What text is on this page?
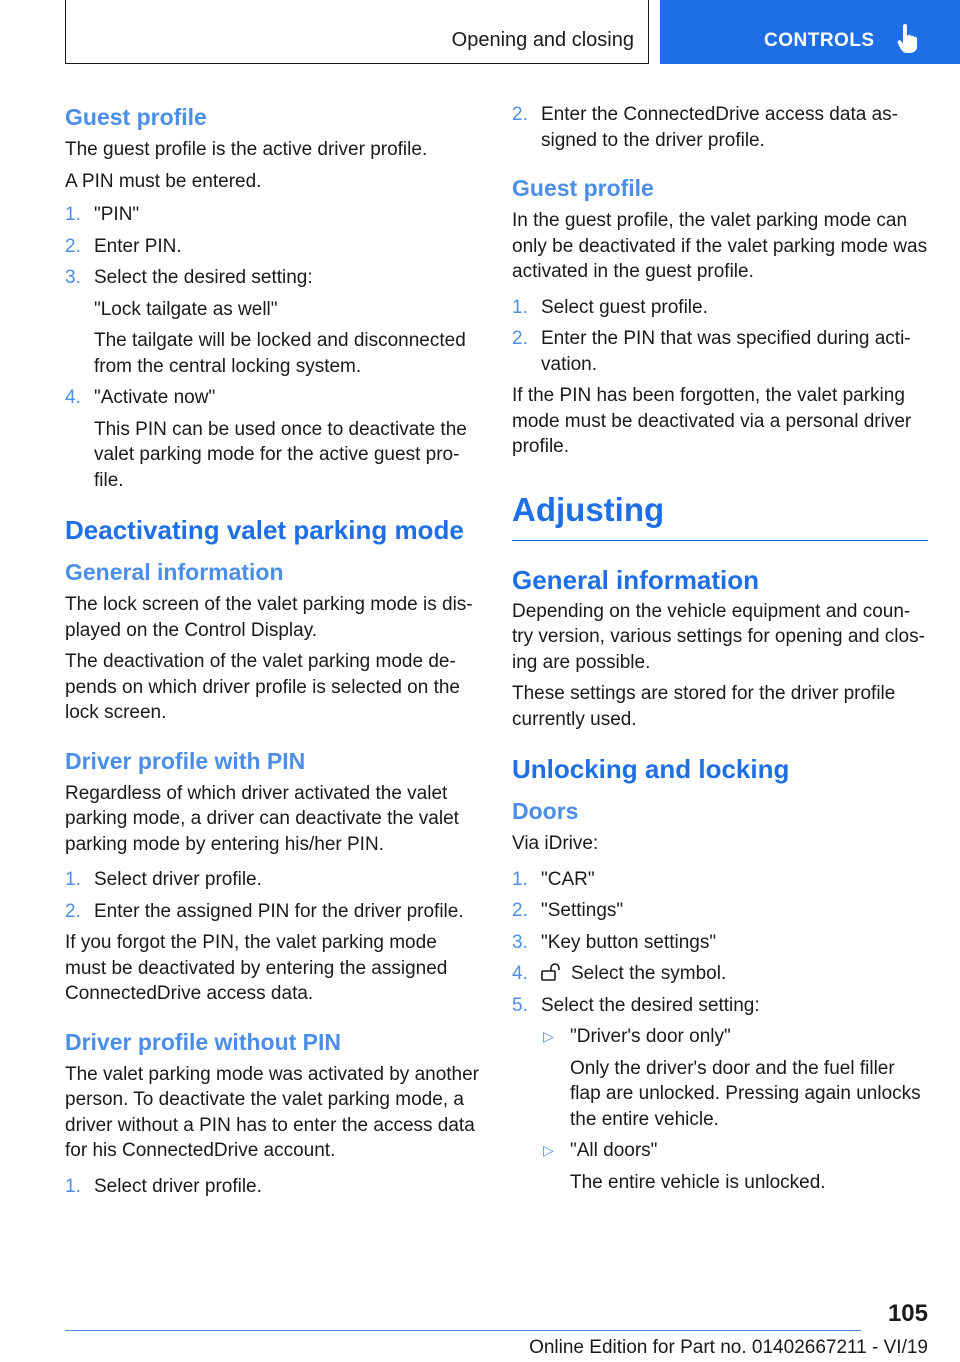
Opening and closing	CONTROLS
Guest profile

The guest profile is the active driver profile.

A PIN must be entered.

1. "PIN"
2. Enter PIN.
3. Select the desired setting:
"Lock tailgate as well"
The tailgate will be locked and disconnected from the central locking system.
4. "Activate now"
This PIN can be used once to deactivate the valet parking mode for the active guest pro‐file.
Deactivating valet parking mode
General information

The lock screen of the valet parking mode is dis‐played on the Control Display.

The deactivation of the valet parking mode de‐pends on which driver profile is selected on the lock screen.

Driver profile with PIN

Regardless of which driver activated the valet parking mode, a driver can deactivate the valet parking mode by entering his/her PIN.

1. Select driver profile.
2. Enter the assigned PIN for the driver profile.

If you forgot the PIN, the valet parking mode must be deactivated by entering the assigned ConnectedDrive access data.

Driver profile without PIN

The valet parking mode was activated by another person. To deactivate the valet parking mode, a driver without a PIN has to enter the access data for his ConnectedDrive account.

1. Select driver profile.
2. Enter the ConnectedDrive access data as‐signed to the driver profile.
Guest profile

In the guest profile, the valet parking mode can only be deactivated if the valet parking mode was activated in the guest profile.

1. Select guest profile.
2. Enter the PIN that was specified during acti‐vation.

If the PIN has been forgotten, the valet parking mode must be deactivated via a personal driver profile.

Adjusting
General information

Depending on the vehicle equipment and coun‐try version, various settings for opening and clos‐ing are possible.

These settings are stored for the driver profile currently used.

Unlocking and locking
Doors

Via iDrive:

1. "CAR"
2. "Settings"
3. "Key button settings"
4. Select the symbol.
5. Select the desired setting:
▷ "Driver's door only"
Only the driver's door and the fuel filler flap are unlocked. Pressing again unlocks the entire vehicle.
▷ "All doors"
The entire vehicle is unlocked.
105
Online Edition for Part no. 01402667211 - VI/19
